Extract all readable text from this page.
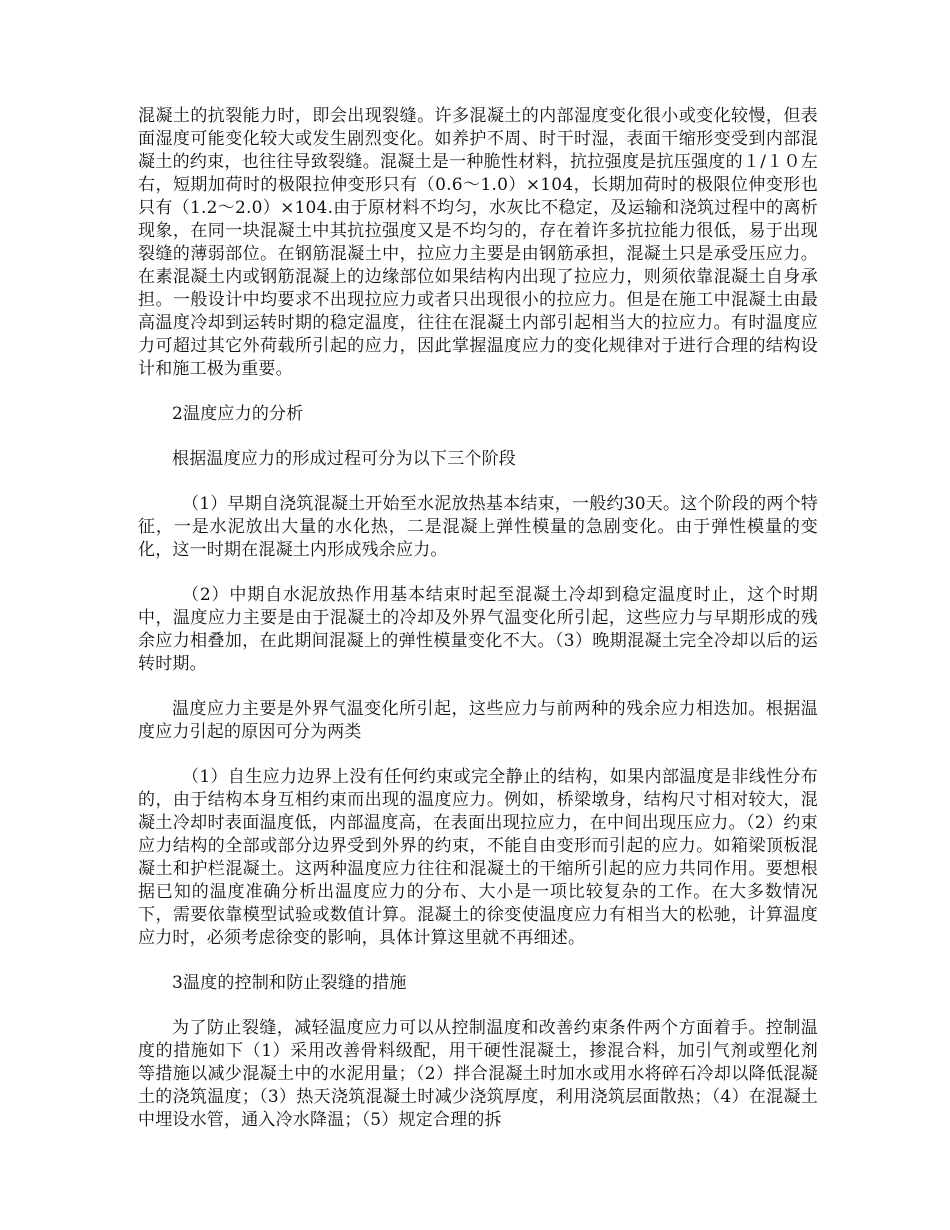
混凝土的抗裂能力时，即会出现裂缝。许多混凝土的内部湿度变化很小或变化较慢，但表面湿度可能变化较大或发生剧烈变化。如养护不周、时干时湿，表面干缩形变受到内部混凝土的约束，也往往导致裂缝。混凝土是一种脆性材料，抗拉强度是抗压强度的１/１０左右，短期加荷时的极限拉伸变形只有（0.6～1.0）×104，长期加荷时的极限位伸变形也只有（1.2～2.0）×104.由于原材料不均匀，水灰比不稳定，及运输和浇筑过程中的离析现象，在同一块混凝土中其抗拉强度又是不均匀的，存在着许多抗拉能力很低，易于出现裂缝的薄弱部位。在钢筋混凝土中，拉应力主要是由钢筋承担，混凝土只是承受压应力。在素混凝土内或钢筋混凝上的边缘部位如果结构内出现了拉应力，则须依靠混凝土自身承担。一般设计中均要求不出现拉应力或者只出现很小的拉应力。但是在施工中混凝土由最高温度冷却到运转时期的稳定温度，往往在混凝土内部引起相当大的拉应力。有时温度应力可超过其它外荷载所引起的应力，因此掌握温度应力的变化规律对于进行合理的结构设计和施工极为重要。

2温度应力的分析

根据温度应力的形成过程可分为以下三个阶段

（1）早期自浇筑混凝土开始至水泥放热基本结束，一般约30天。这个阶段的两个特征，一是水泥放出大量的水化热，二是混凝上弹性模量的急剧变化。由于弹性模量的变化，这一时期在混凝土内形成残余应力。

（2）中期自水泥放热作用基本结束时起至混凝土冷却到稳定温度时止，这个时期中，温度应力主要是由于混凝土的冷却及外界气温变化所引起，这些应力与早期形成的残余应力相叠加，在此期间混凝上的弹性模量变化不大。（3）晚期混凝土完全冷却以后的运转时期。

温度应力主要是外界气温变化所引起，这些应力与前两种的残余应力相迭加。根据温度应力引起的原因可分为两类

（1）自生应力边界上没有任何约束或完全静止的结构，如果内部温度是非线性分布的，由于结构本身互相约束而出现的温度应力。例如，桥梁墩身，结构尺寸相对较大，混凝土冷却时表面温度低，内部温度高，在表面出现拉应力，在中间出现压应力。（2）约束应力结构的全部或部分边界受到外界的约束，不能自由变形而引起的应力。如箱梁顶板混凝土和护栏混凝土。这两种温度应力往往和混凝土的干缩所引起的应力共同作用。要想根据已知的温度准确分析出温度应力的分布、大小是一项比较复杂的工作。在大多数情况下，需要依靠模型试验或数值计算。混凝土的徐变使温度应力有相当大的松驰，计算温度应力时，必须考虑徐变的影响，具体计算这里就不再细述。

3温度的控制和防止裂缝的措施

为了防止裂缝，减轻温度应力可以从控制温度和改善约束条件两个方面着手。控制温度的措施如下（1）采用改善骨料级配，用干硬性混凝土，掺混合料，加引气剂或塑化剂等措施以减少混凝土中的水泥用量；（2）拌合混凝土时加水或用水将碎石冷却以降低混凝土的浇筑温度；（3）热天浇筑混凝土时减少浇筑厚度，利用浇筑层面散热；（4）在混凝土中埋设水管，通入冷水降温；（5）规定合理的拆
